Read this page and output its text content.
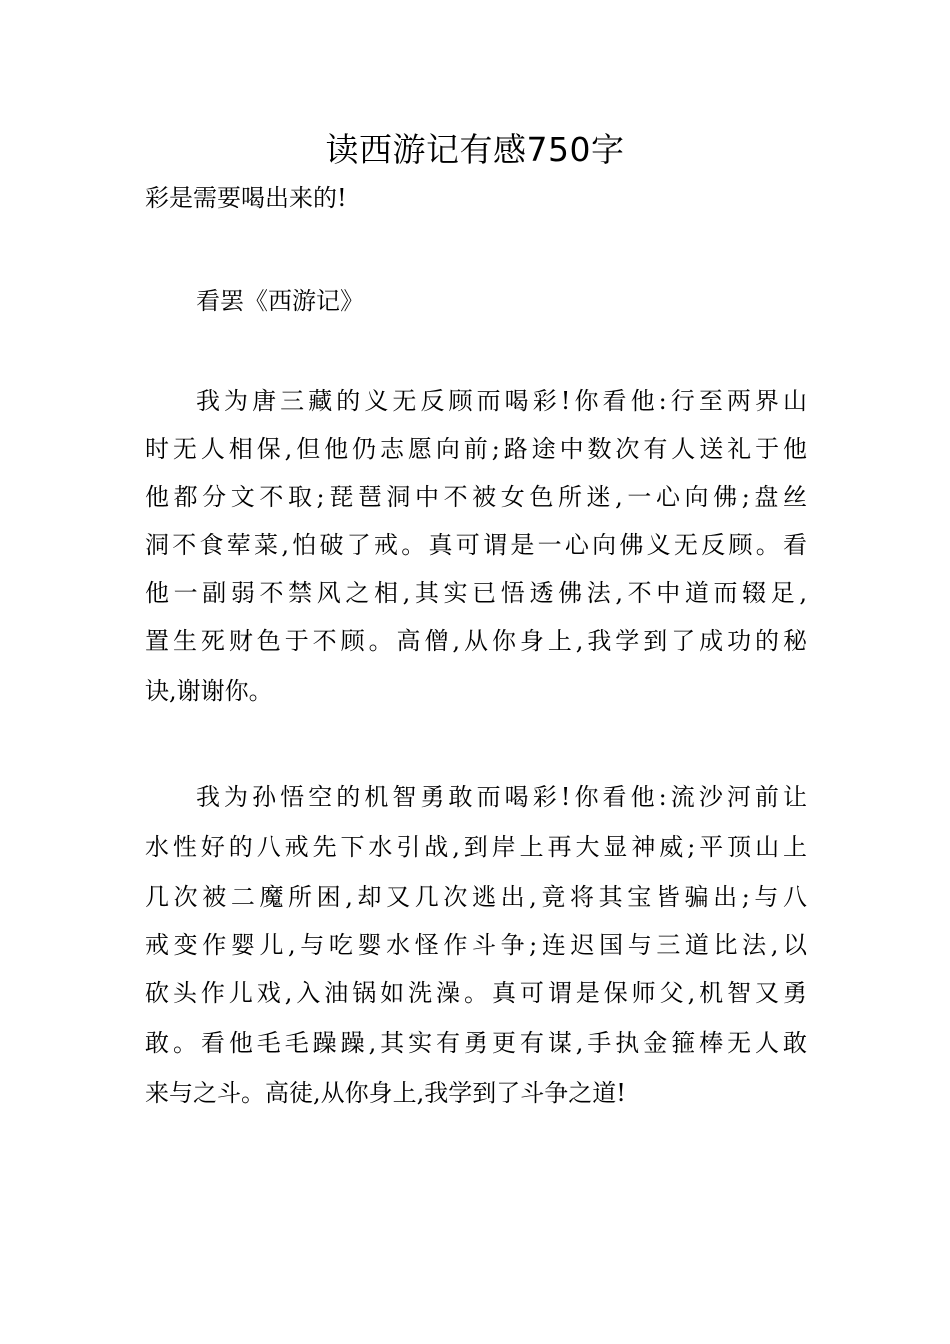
读西游记有感750字
彩是需要喝出来的!
看罢《西游记》
我为唐三藏的义无反顾而喝彩!你看他:行至两界山
时无人相保,但他仍志愿向前;路途中数次有人送礼于他
他都分文不取;琵琶洞中不被女色所迷,一心向佛;盘丝
洞不食荤菜,怕破了戒。真可谓是一心向佛义无反顾。看
他一副弱不禁风之相,其实已悟透佛法,不中道而辍足,
置生死财色于不顾。高僧,从你身上,我学到了成功的秘
诀,谢谢你。
我为孙悟空的机智勇敢而喝彩!你看他:流沙河前让
水性好的八戒先下水引战,到岸上再大显神威;平顶山上
几次被二魔所困,却又几次逃出,竟将其宝皆骗出;与八
戒变作婴儿,与吃婴水怪作斗争;连迟国与三道比法,以
砍头作儿戏,入油锅如洗澡。真可谓是保师父,机智又勇
敢。看他毛毛躁躁,其实有勇更有谋,手执金箍棒无人敢
来与之斗。高徒,从你身上,我学到了斗争之道!
